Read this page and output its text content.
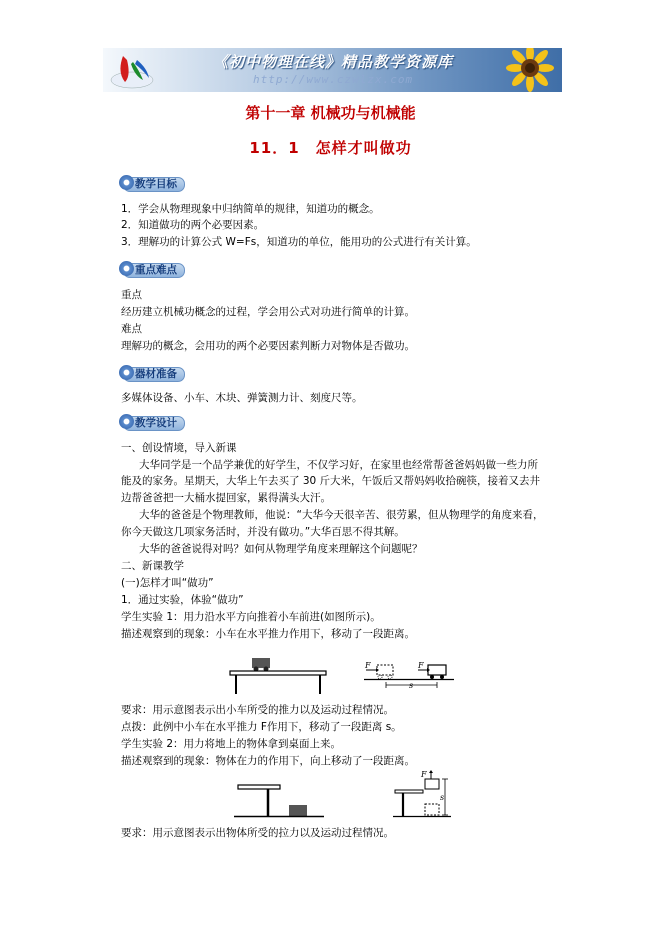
《初中物理在线》精品教学资源库
http://www.czwlzx.com
第十一章 机械功与机械能
11．1　怎样才叫做功
教学目标
1．学会从物理现象中归纳简单的规律，知道功的概念。
2．知道做功的两个必要因素。
3．理解功的计算公式 W=Fs，知道功的单位，能用功的公式进行有关计算。
重点难点
重点
经历建立机械功概念的过程，学会用公式对功进行简单的计算。
难点
理解功的概念，会用功的两个必要因素判断力对物体是否做功。
器材准备
多媒体设备、小车、木块、弹簧测力计、刻度尺等。
教学设计
一、创设情境，导入新课
大华同学是一个品学兼优的好学生，不仅学习好，在家里也经常帮爸爸妈妈做一些力所
能及的家务。星期天，大华上午去买了 30 斤大米，午饭后又帮妈妈收拾碗筷，接着又去井
边帮爸爸把一大桶水提回家，累得满头大汗。
大华的爸爸是个物理教师，他说：“大华今天很辛苦、很劳累，但从物理学的角度来看，
你今天做这几项家务活时，并没有做功。”大华百思不得其解。
大华的爸爸说得对吗？如何从物理学角度来理解这个问题呢？
二、新课教学
(一)怎样才叫“做功”
1．通过实验，体验“做功”
学生实验 1：用力沿水平方向推着小车前进(如图所示)。
描述观察到的现象：小车在水平推力作用下，移动了一段距离。
F	F
s
要求：用示意图表示出小车所受的推力以及运动过程情况。
点拨：此例中小车在水平推力 F作用下，移动了一段距离 s。
学生实验 2：用力将地上的物体拿到桌面上来。
描述观察到的现象：物体在力的作用下，向上移动了一段距离。
F
s
要求：用示意图表示出物体所受的拉力以及运动过程情况。
